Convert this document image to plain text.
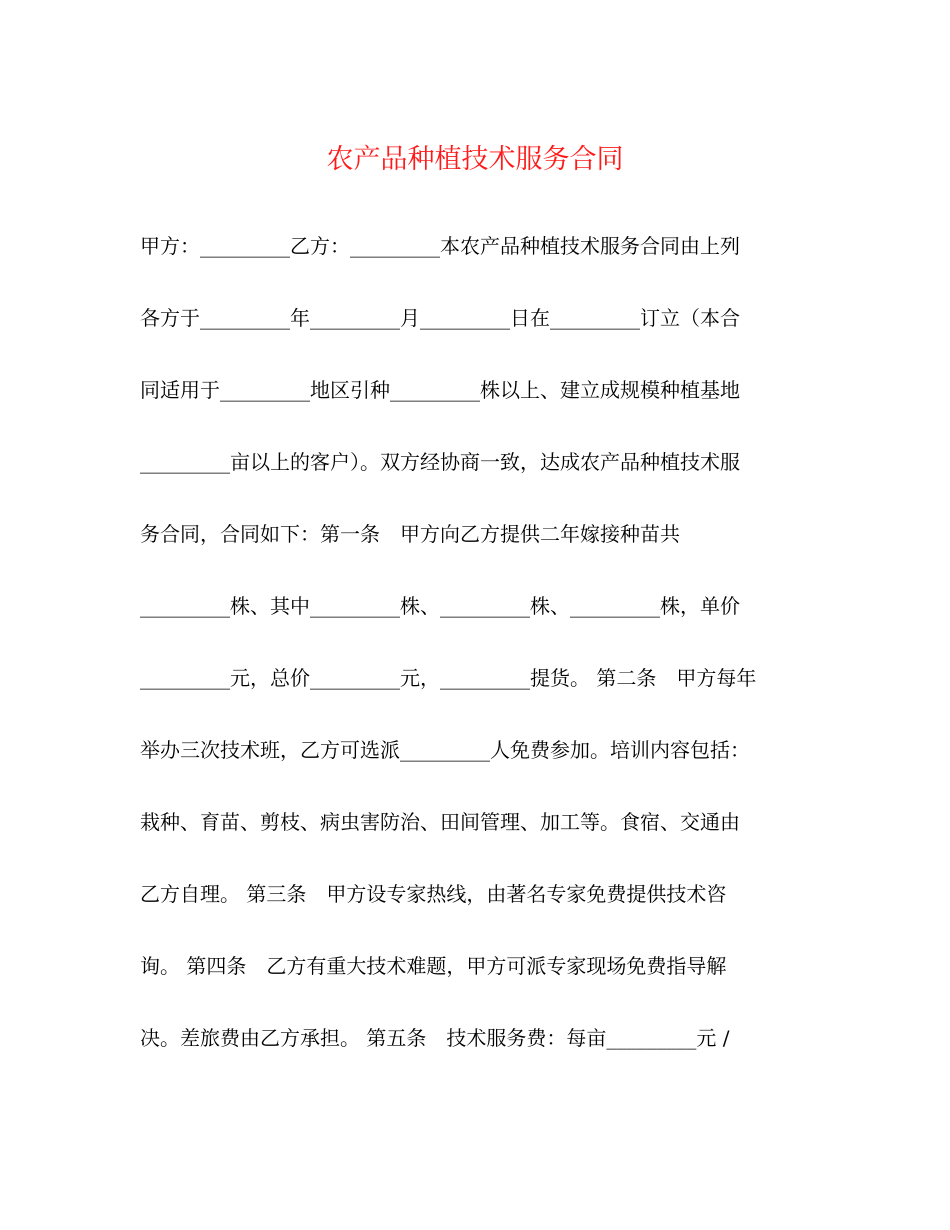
农产品种植技术服务合同
甲方：_________乙方：_________本农产品种植技术服务合同由上列
各方于_________年_________月_________日在_________订立（本合
同适用于_________地区引种_________株以上、建立成规模种植基地
_________亩以上的客户）。双方经协商一致，达成农产品种植技术服
务合同，合同如下：第一条　甲方向乙方提供二年嫁接种苗共
_________株、其中_________株、_________株、_________株，单价
_________元，总价_________元，_________提货。 第二条　甲方每年
举办三次技术班，乙方可选派_________人免费参加。培训内容包括：
栽种、育苗、剪枝、病虫害防治、田间管理、加工等。食宿、交通由
乙方自理。 第三条　甲方设专家热线，由著名专家免费提供技术咨
询。 第四条　乙方有重大技术难题，甲方可派专家现场免费指导解
决。差旅费由乙方承担。 第五条　技术服务费：每亩_________元 /
